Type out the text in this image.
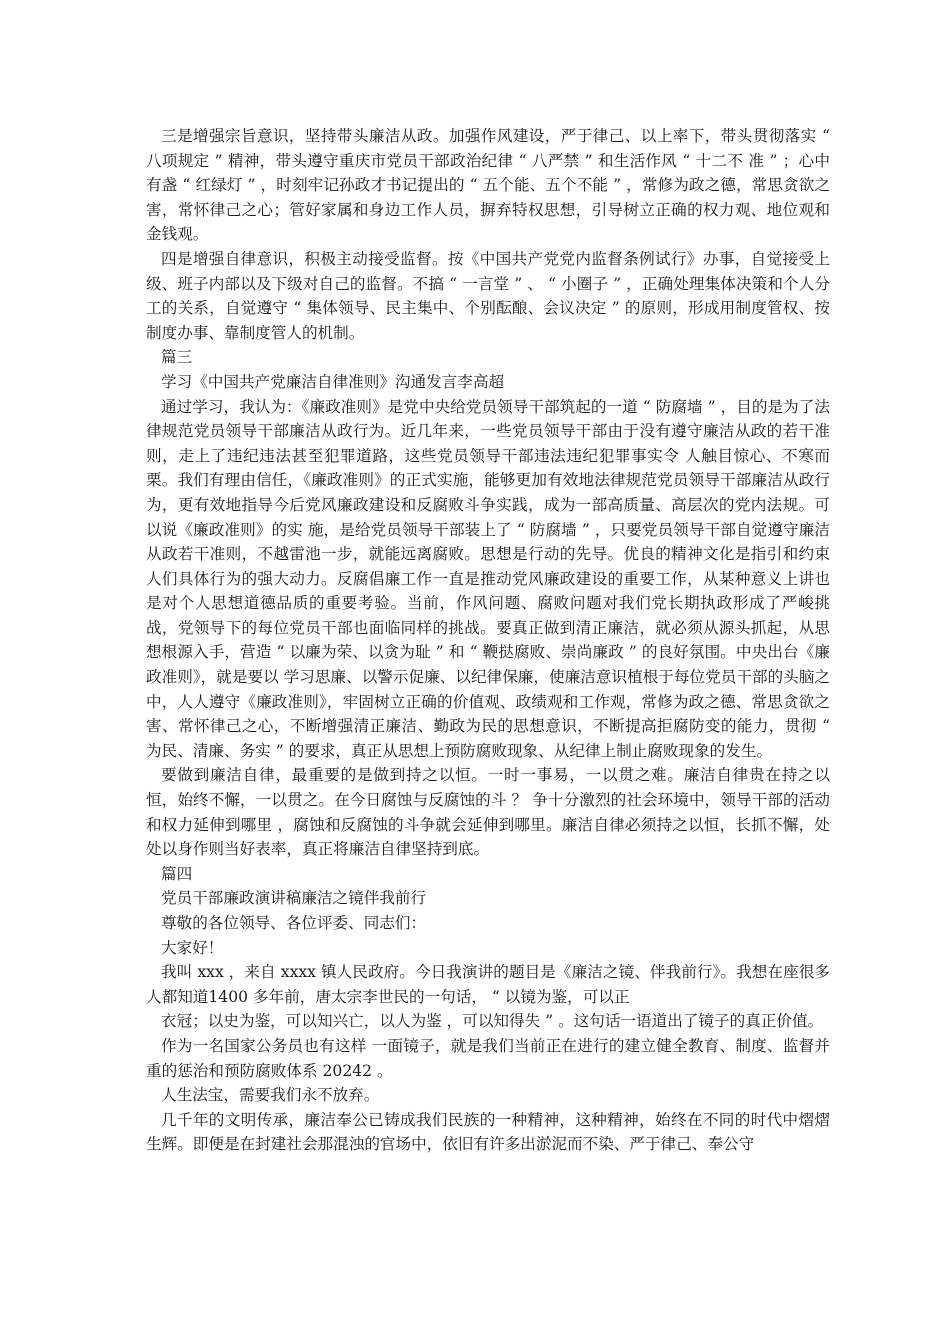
三是增强宗旨意识，坚持带头廉洁从政。加强作风建设，严于律己、以上率下，带头贯彻落实 “ 八项规定 ” 精神，带头遵守重庆市党员干部政治纪律 “ 八严禁 ” 和生活作风 “ 十二不 准 ” ；心中有盏 “ 红绿灯 ” ，时刻牢记孙政才书记提出的 “ 五个能、五个不能 ” ，常修为政之德，常思贪欲之害，常怀律己之心；管好家属和身边工作人员，摒弃特权思想，引导树立正确的权力观、地位观和金钱观。

四是增强自律意识，积极主动接受监督。按《中国共产党党内监督条例试行》办事，自觉接受上级、班子内部以及下级对自己的监督。不搞 “ 一言堂 ” 、 “ 小圈子 ” ，正确处理集体决策和个人分工的关系，自觉遵守 “ 集体领导、民主集中、个别酝酿、会议决定 ” 的原则，形成用制度管权、按制度办事、靠制度管人的机制。

篇三

学习《中国共产党廉洁自律准则》沟通发言李高超

通过学习，我认为：《廉政准则》是党中央给党员领导干部筑起的一道 “ 防腐墙 ” ，目的是为了法律规范党员领导干部廉洁从政行为。近几年来，一些党员领导干部由于没有遵守廉洁从政的若干准则，走上了违纪违法甚至犯罪道路，这些党员领导干部违法违纪犯罪事实令 人触目惊心、不寒而栗。我们有理由信任，《廉政准则》的正式实施，能够更加有效地法律规范党员领导干部廉洁从政行为，更有效地指导今后党风廉政建设和反腐败斗争实践，成为一部高质量、高层次的党内法规。可以说《廉政准则》的实 施，是给党员领导干部装上了 “ 防腐墙 ” ，只要党员领导干部自觉遵守廉洁从政若干准则，不越雷池一步，就能远离腐败。思想是行动的先导。优良的精神文化是指引和约束人们具体行为的强大动力。反腐倡廉工作一直是推动党风廉政建设的重要工作，从某种意义上讲也是对个人思想道德品质的重要考验。当前，作风问题、腐败问题对我们党长期执政形成了严峻挑战，党领导下的每位党员干部也面临同样的挑战。要真正做到清正廉洁，就必须从源头抓起，从思想根源入手，营造 “ 以廉为荣、以贪为耻 ” 和 “ 鞭挞腐败、崇尚廉政 ” 的良好氛围。中央出台《廉政准则》，就是要以 学习思廉、以警示促廉、以纪律保廉，使廉洁意识植根于每位党员干部的头脑之中，人人遵守《廉政准则》，牢固树立正确的价值观、政绩观和工作观，常修为政之德、常思贪欲之害、常怀律己之心，不断增强清正廉洁、勤政为民的思想意识，不断提高拒腐防变的能力，贯彻 “ 为民、清廉、务实 ” 的要求，真正从思想上预防腐败现象、从纪律上制止腐败现象的发生。

要做到廉洁自律，最重要的是做到持之以恒。一时一事易，一以贯之难。廉洁自律贵在持之以恒，始终不懈，一以贯之。在今日腐蚀与反腐蚀的斗 ？ 争十分激烈的社会环境中，领导干部的活动和权力延伸到哪里 ，腐蚀和反腐蚀的斗争就会延伸到哪里。廉洁自律必须持之以恒，长抓不懈，处处以身作则当好表率，真正将廉洁自律坚持到底。

篇四

党员干部廉政演讲稿廉洁之镜伴我前行

尊敬的各位领导、各位评委、同志们：

大家好！

我叫 xxx ，来自 xxxx 镇人民政府。今日我演讲的题目是《廉洁之镜、伴我前行》。我想在座很多人都知道1400 多年前，唐太宗李世民的一句话， “ 以镜为鉴，可以正

衣冠；以史为鉴，可以知兴亡，以人为鉴 ，可以知得失 ” 。这句话一语道出了镜子的真正价值。

作为一名国家公务员也有这样 一面镜子，就是我们当前正在进行的建立健全教育、制度、监督并重的惩治和预防腐败体系 20242 。

人生法宝，需要我们永不放弃。

几千年的文明传承，廉洁奉公已铸成我们民族的一种精神，这种精神，始终在不同的时代中熠熠生辉。即便是在封建社会那混浊的官场中，依旧有许多出淤泥而不染、严于律己、奉公守
